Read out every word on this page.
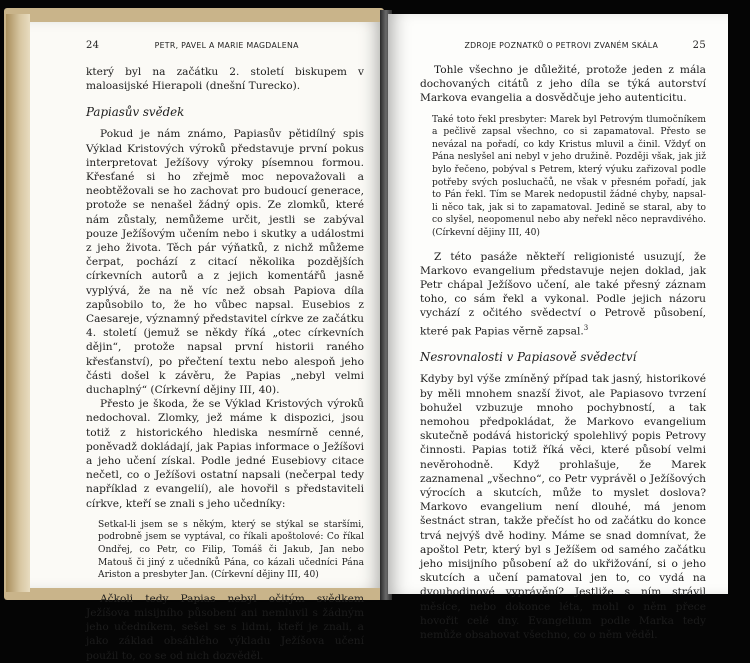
24	PETR, PAVEL A MARIE MAGDALENA

který byl na začátku 2. století biskupem v maloasijské Hierapoli (dnešní Turecko).

Papiasův svědek

Pokud je nám známo, Papiasův pětidílný spis Výklad Kristových výroků představuje první pokus interpretovat Ježíšovy výroky písemnou formou. Křesťané si ho zřejmě moc nepovažovali a neobtěžovali se ho zachovat pro budoucí generace, protože se nenašel žádný opis. Ze zlomků, které nám zůstaly, nemůžeme určit, jestli se zabýval pouze Ježíšovým učením nebo i skutky a událostmi z jeho života. Těch pár výňatků, z nichž můžeme čerpat, pochází z citací několika pozdějších církevních autorů a z jejich komentářů jasně vyplývá, že na ně víc než obsah Papiova díla zapůsobilo to, že ho vůbec napsal. Eusebios z Caesareje, významný představitel církve ze začátku 4. století (jemuž se někdy říká „otec církevních dějin“, protože napsal první historii raného křesťanství), po přečtení textu nebo alespoň jeho části došel k závěru, že Papias „nebyl velmi duchaplný“ (Církevní dějiny III, 40).

Přesto je škoda, že se Výklad Kristových výroků nedochoval. Zlomky, jež máme k dispozici, jsou totiž z historického hlediska nesmírně cenné, poněvadž dokládají, jak Papias informace o Ježíšovi a jeho učení získal. Podle jedné Eusebiovy citace nečetl, co o Ježíšovi ostatní napsali (nečerpal tedy například z evangelií), ale hovořil s představiteli církve, kteří se znali s jeho učedníky:

Setkal-li jsem se s někým, který se stýkal se staršími, podrobně jsem se vyptával, co říkali apoštolové: Co říkal Ondřej, co Petr, co Filip, Tomáš či Jakub, Jan nebo Matouš či jiný z učedníků Pána, co kázali učedníci Pána Ariston a presbyter Jan. (Církevní dějiny III, 40)

Ačkoli tedy Papias nebyl očitým svědkem Ježíšova misijního působení ani nemluvil s žádným jeho učedníkem, sešel se s lidmi, kteří je znali, a jako základ obsáhlého výkladu Ježíšova učení použil to, co se od nich dozvěděl.

ZDROJE POZNATKŮ O PETROVI ZVANÉM SKÁLA	25

Tohle všechno je důležité, protože jeden z mála dochovaných citátů z jeho díla se týká autorství Markova evangelia a dosvědčuje jeho autenticitu.

Také toto řekl presbyter: Marek byl Petrovým tlumočníkem a pečlivě zapsal všechno, co si zapamatoval. Přesto se nevázal na pořadí, co kdy Kristus mluvil a činil. Vždyť on Pána neslyšel ani nebyl v jeho družině. Později však, jak již bylo řečeno, pobýval s Petrem, který výuku zařizoval podle potřeby svých posluchačů, ne však v přesném pořadí, jak to Pán řekl. Tím se Marek nedopustil žádné chyby, napsal-li něco tak, jak si to zapamatoval. Jedině se staral, aby to co slyšel, neopomenul nebo aby neřekl něco nepravdivého. (Církevní dějiny III, 40)

Z této pasáže někteří religionisté usuzují, že Markovo evangelium představuje nejen doklad, jak Petr chápal Ježíšovo učení, ale také přesný záznam toho, co sám řekl a vykonal. Podle jejich názoru vychází z očitého svědectví o Petrově působení, které pak Papias věrně zapsal.$^3$

Nesrovnalosti v Papiasově svědectví

Kdyby byl výše zmíněný případ tak jasný, historikové by měli mnohem snazší život, ale Papiasovo tvrzení bohužel vzbuzuje mnoho pochybností, a tak nemohou předpokládat, že Markovo evangelium skutečně podává historický spolehlivý popis Petrovy činnosti. Papias totiž říká věci, které působí velmi nevěrohodně. Když prohlašuje, že Marek zaznamenal „všechno“, co Petr vyprávěl o Ježíšových výrocích a skutcích, může to myslet doslova? Markovo evangelium není dlouhé, má jenom šestnáct stran, takže přečíst ho od začátku do konce trvá nejvýš dvě hodiny. Máme se snad domnívat, že apoštol Petr, který byl s Ježíšem od samého začátku jeho misijního působení až do ukřižování, si o jeho skutcích a učení pamatoval jen to, co vydá na dvouhodinové vyprávění? Jestliže s ním strávil měsíce, nebo dokonce léta, mohl o něm přece hovořit celé dny. Evangelium podle Marka tedy nemůže obsahovat všechno, co o něm věděl.
